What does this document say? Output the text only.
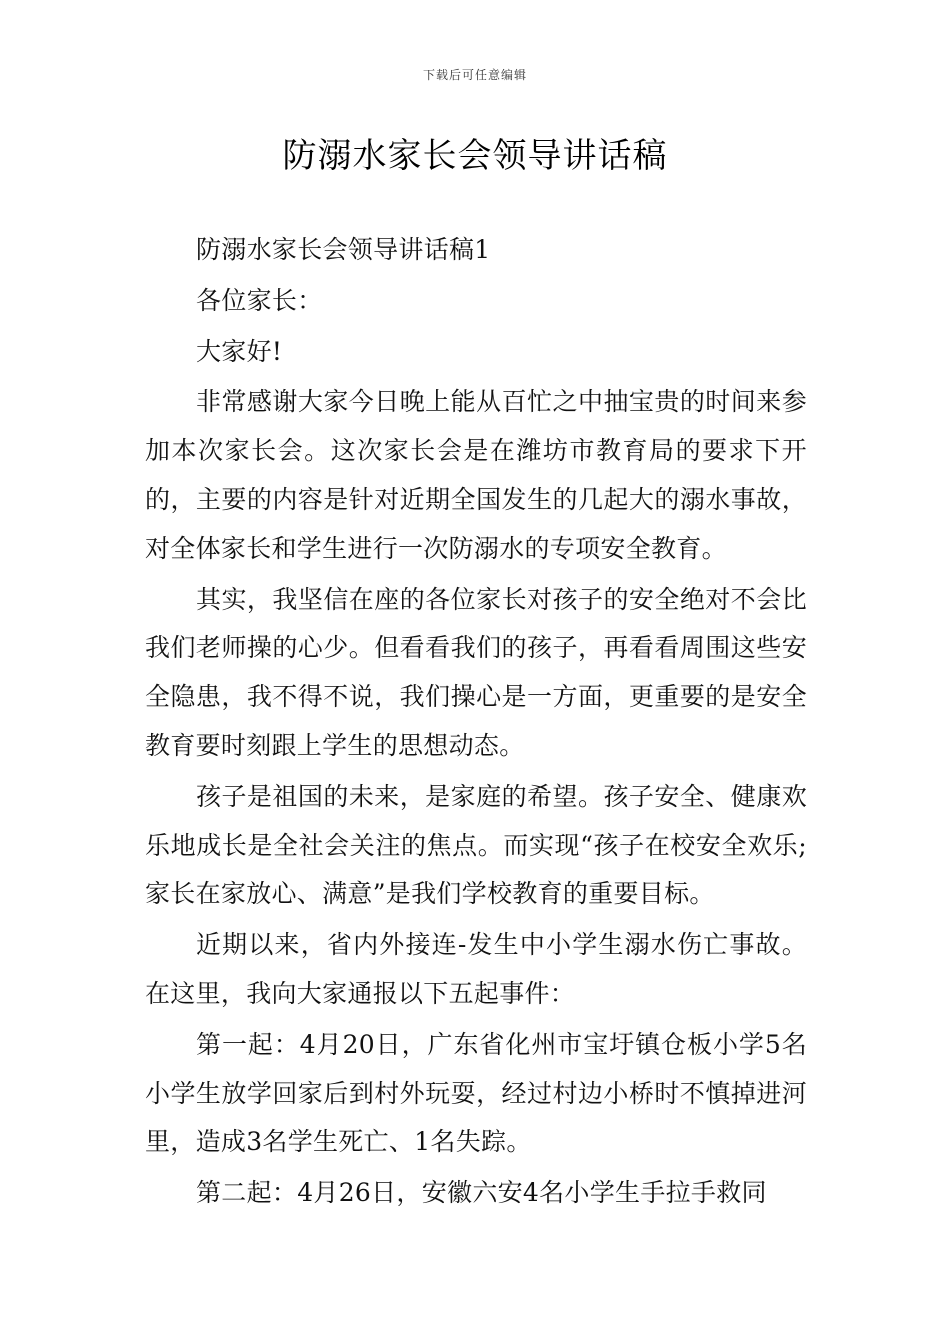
下载后可任意编辑
防溺水家长会领导讲话稿

防溺水家长会领导讲话稿1

各位家长：

大家好!

非常感谢大家今日晚上能从百忙之中抽宝贵的时间来参加本次家长会。这次家长会是在潍坊市教育局的要求下开的，主要的内容是针对近期全国发生的几起大的溺水事故，对全体家长和学生进行一次防溺水的专项安全教育。

其实，我坚信在座的各位家长对孩子的安全绝对不会比我们老师操的心少。但看看我们的孩子，再看看周围这些安全隐患，我不得不说，我们操心是一方面，更重要的是安全教育要时刻跟上学生的思想动态。

孩子是祖国的未来，是家庭的希望。孩子安全、健康欢乐地成长是全社会关注的焦点。而实现“孩子在校安全欢乐;家长在家放心、满意”是我们学校教育的重要目标。

近期以来，省内外接连-发生中小学生溺水伤亡事故。在这里，我向大家通报以下五起事件：

第一起：4月20日，广东省化州市宝圩镇仓板小学5名小学生放学回家后到村外玩耍，经过村边小桥时不慎掉进河里，造成3名学生死亡、1名失踪。

第二起：4月26日，安徽六安4名小学生手拉手救同
